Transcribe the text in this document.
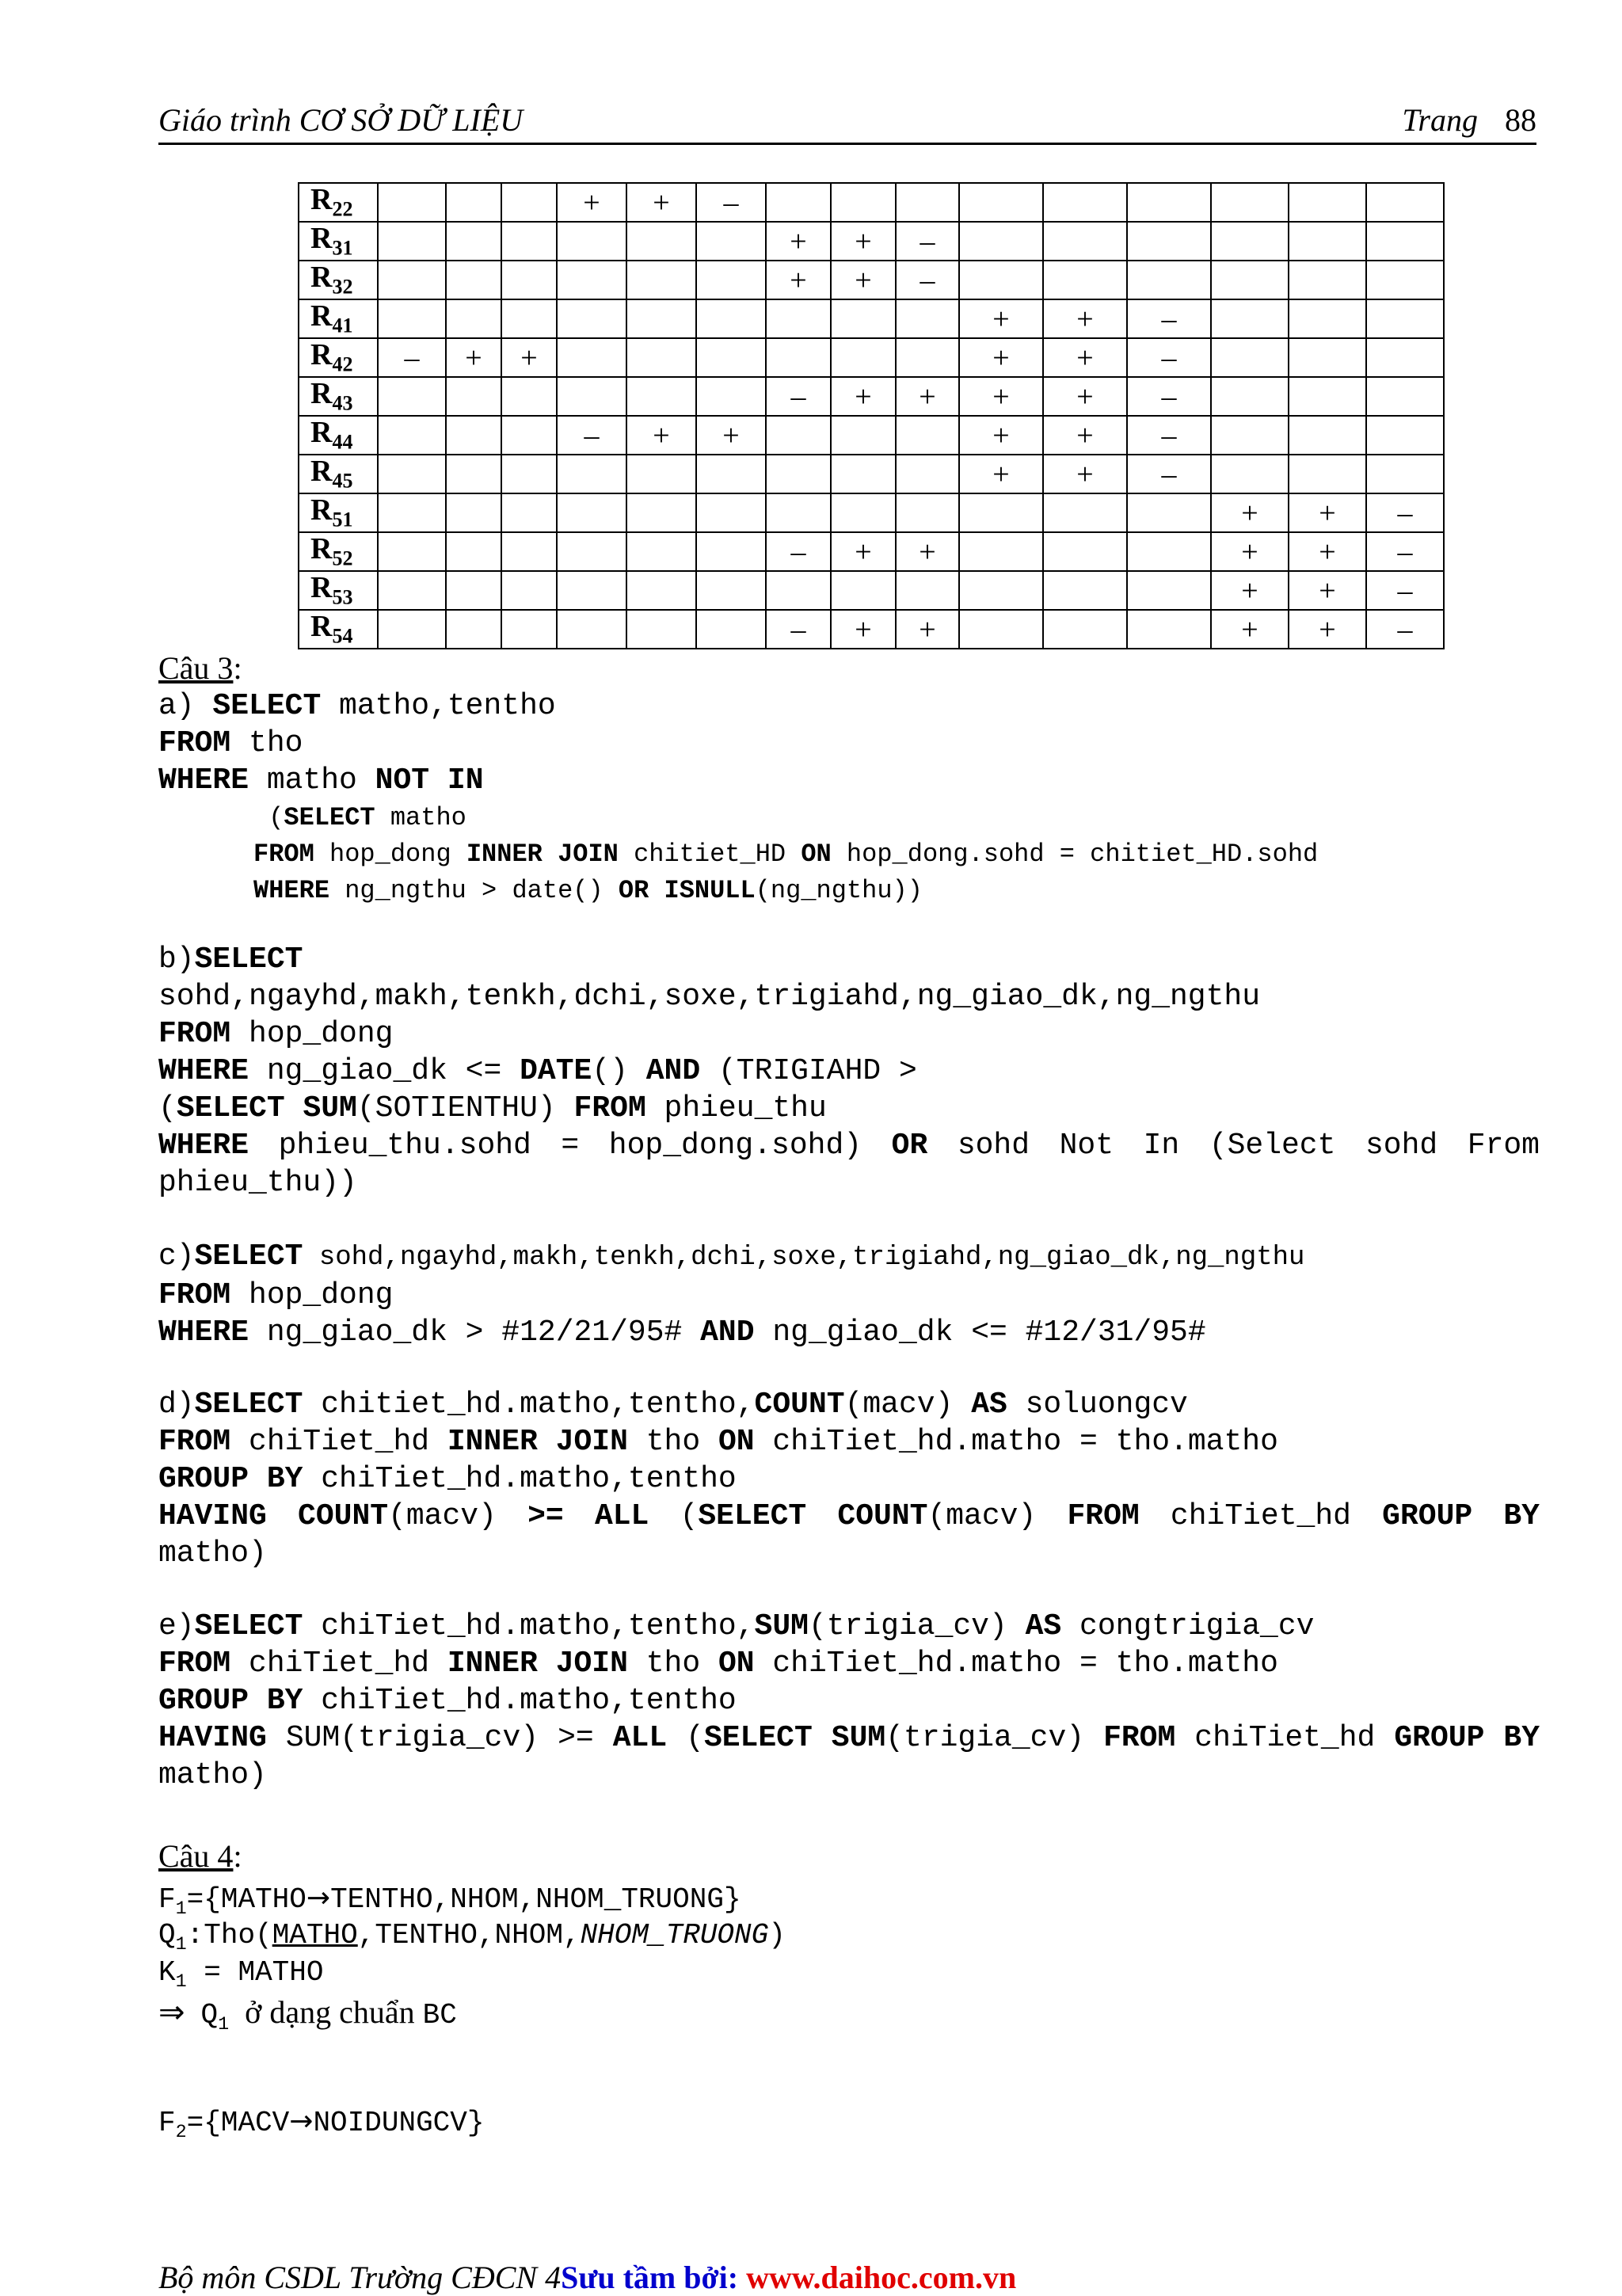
Giáo trình CƠ SỞ DỮ LIỆU	Trang 88
$R_{22}$				+	+	–									
$R_{31}$							+	+	–						
$R_{32}$							+	+	–						
$R_{41}$										+	+	–			
$R_{42}$	–	+	+							+	+	–			
$R_{43}$							–	+	+	+	+	–			
$R_{44}$				–	+	+				+	+	–			
$R_{45}$										+	+	–			
$R_{51}$													+	+	–
$R_{52}$							–	+	+				+	+	–
$R_{53}$													+	+	–
$R_{54}$							–	+	+				+	+	–
Câu 3:
a) SELECT matho,tentho
FROM tho
WHERE matho NOT IN
(SELECT matho
FROM hop_dong INNER JOIN chitiet_HD ON hop_dong.sohd = chitiet_HD.sohd
WHERE ng_ngthu > date() OR ISNULL(ng_ngthu))
b)SELECT
sohd,ngayhd,makh,tenkh,dchi,soxe,trigiahd,ng_giao_dk,ng_ngthu
FROM hop_dong
WHERE ng_giao_dk <= DATE() AND (TRIGIAHD >
(SELECT SUM(SOTIENTHU) FROM phieu_thu
WHERE phieu_thu.sohd = hop_dong.sohd) OR sohd Not In (Select sohd From phieu_thu))
c)SELECT sohd,ngayhd,makh,tenkh,dchi,soxe,trigiahd,ng_giao_dk,ng_ngthu
FROM hop_dong
WHERE ng_giao_dk > #12/21/95# AND ng_giao_dk <= #12/31/95#
d)SELECT chitiet_hd.matho,tentho,COUNT(macv) AS soluongcv
FROM chiTiet_hd INNER JOIN tho ON chiTiet_hd.matho = tho.matho
GROUP BY chiTiet_hd.matho,tentho
HAVING COUNT(macv) >= ALL (SELECT COUNT(macv) FROM chiTiet_hd GROUP BY matho)
e)SELECT chiTiet_hd.matho,tentho,SUM(trigia_cv) AS congtrigia_cv
FROM chiTiet_hd INNER JOIN tho ON chiTiet_hd.matho = tho.matho
GROUP BY chiTiet_hd.matho,tentho
HAVING SUM(trigia_cv) >= ALL (SELECT SUM(trigia_cv) FROM chiTiet_hd GROUP BY matho)
Câu 4:
$F_1=\{MATHO\to TENTHO,NHOM,NHOM\_TRUONG\}$
$Q_1:Tho(MATHO,TENTHO,NHOM,NHOM\_TRUONG)$
$K_1$ = MATHO
⇒ $Q_1$ ở dạng chuẩn BC
$F_2=\{MACV\to NOIDUNGCV\}$
Bộ môn CSDL Trường CĐCN 4Sưu tầm bởi: www.daihoc.com.vn
